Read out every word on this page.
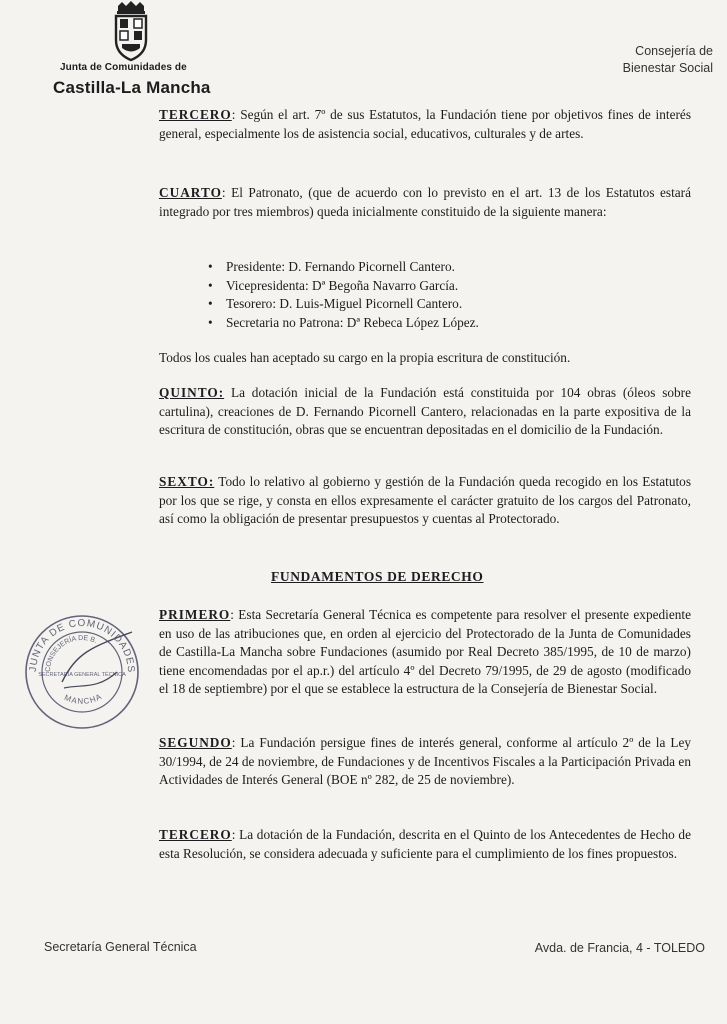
Junta de Comunidades de
Castilla-La Mancha
Consejería de
Bienestar Social
TERCERO: Según el art. 7º de sus Estatutos, la Fundación tiene por objetivos fines de interés general, especialmente los de asistencia social, educativos, culturales y de artes.
CUARTO: El Patronato, (que de acuerdo con lo previsto en el art. 13 de los Estatutos estará integrado por tres miembros) queda inicialmente constituido de la siguiente manera:
• Presidente: D. Fernando Picornell Cantero.
• Vicepresidenta: Dª Begoña Navarro García.
• Tesorero: D. Luis-Miguel Picornell Cantero.
• Secretaria no Patrona: Dª Rebeca López López.
Todos los cuales han aceptado su cargo en la propia escritura de constitución.
QUINTO: La dotación inicial de la Fundación está constituida por 104 obras (óleos sobre cartulina), creaciones de D. Fernando Picornell Cantero, relacionadas en la parte expositiva de la escritura de constitución, obras que se encuentran depositadas en el domicilio de la Fundación.
SEXTO: Todo lo relativo al gobierno y gestión de la Fundación queda recogido en los Estatutos por los que se rige, y consta en ellos expresamente el carácter gratuito de los cargos del Patronato, así como la obligación de presentar presupuestos y cuentas al Protectorado.
FUNDAMENTOS DE DERECHO
PRIMERO: Esta Secretaría General Técnica es competente para resolver el presente expediente en uso de las atribuciones que, en orden al ejercicio del Protectorado de la Junta de Comunidades de Castilla-La Mancha sobre Fundaciones (asumido por Real Decreto 385/1995, de 10 de marzo) tiene encomendadas por el ap.r.) del artículo 4º del Decreto 79/1995, de 29 de agosto (modificado el 18 de septiembre) por el que se establece la estructura de la Consejería de Bienestar Social.
SEGUNDO: La Fundación persigue fines de interés general, conforme al artículo 2º de la Ley 30/1994, de 24 de noviembre, de Fundaciones y de Incentivos Fiscales a la Participación Privada en Actividades de Interés General (BOE nº 282, de 25 de noviembre).
TERCERO: La dotación de la Fundación, descrita en el Quinto de los Antecedentes de Hecho de esta Resolución, se considera adecuada y suficiente para el cumplimiento de los fines propuestos.
JUNTA DE COMUNIDADES
CONSEJERÍA DE B.
SECRETARÍA GENERAL TÉCNICA
MANCHA
Secretaría General Técnica	Avda. de Francia, 4 - TOLEDO
